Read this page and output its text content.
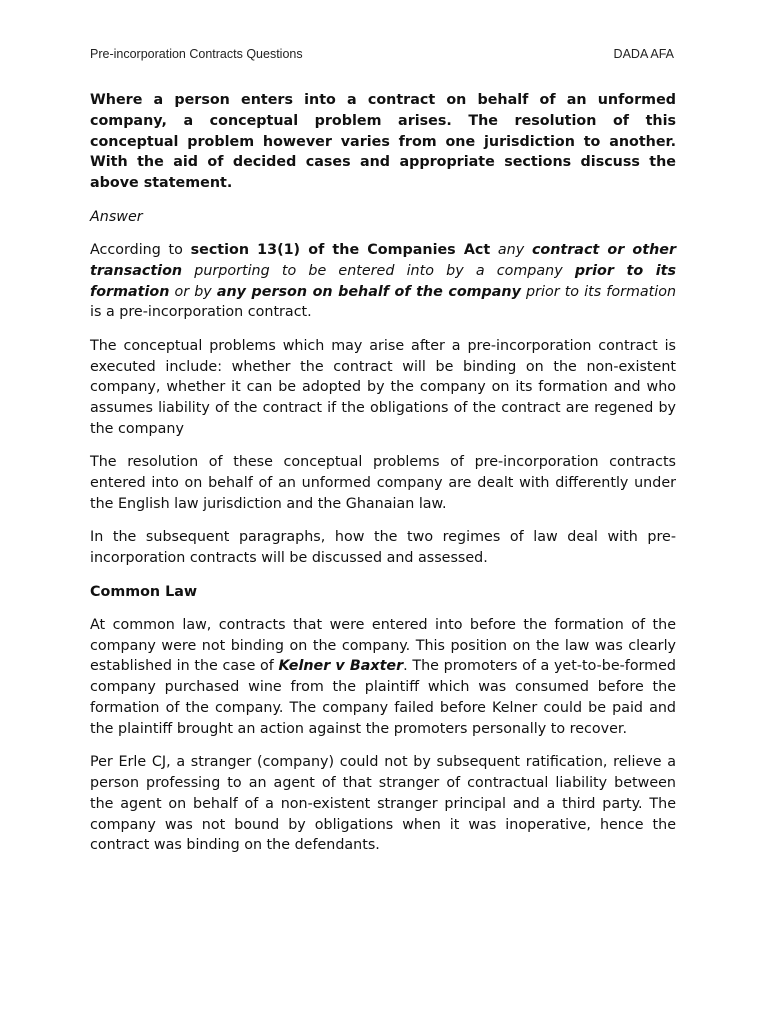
Pre-incorporation Contracts Questions	DADA AFA

Where a person enters into a contract on behalf of an unformed company, a conceptual problem arises. The resolution of this conceptual problem however varies from one jurisdiction to another. With the aid of decided cases and appropriate sections discuss the above statement.

Answer

According to section 13(1) of the Companies Act any contract or other transaction purporting to be entered into by a company prior to its formation or by any person on behalf of the company prior to its formation is a pre-incorporation contract.

The conceptual problems which may arise after a pre-incorporation contract is executed include: whether the contract will be binding on the non-existent company, whether it can be adopted by the company on its formation and who assumes liability of the contract if the obligations of the contract are regened by the company

The resolution of these conceptual problems of pre-incorporation contracts entered into on behalf of an unformed company are dealt with differently under the English law jurisdiction and the Ghanaian law.

In the subsequent paragraphs, how the two regimes of law deal with pre-incorporation contracts will be discussed and assessed.

Common Law

At common law, contracts that were entered into before the formation of the company were not binding on the company. This position on the law was clearly established in the case of Kelner v Baxter. The promoters of a yet-to-be-formed company purchased wine from the plaintiff which was consumed before the formation of the company. The company failed before Kelner could be paid and the plaintiff brought an action against the promoters personally to recover.

Per Erle CJ, a stranger (company) could not by subsequent ratification, relieve a person professing to an agent of that stranger of contractual liability between the agent on behalf of a non-existent stranger principal and a third party. The company was not bound by obligations when it was inoperative, hence the contract was binding on the defendants.
